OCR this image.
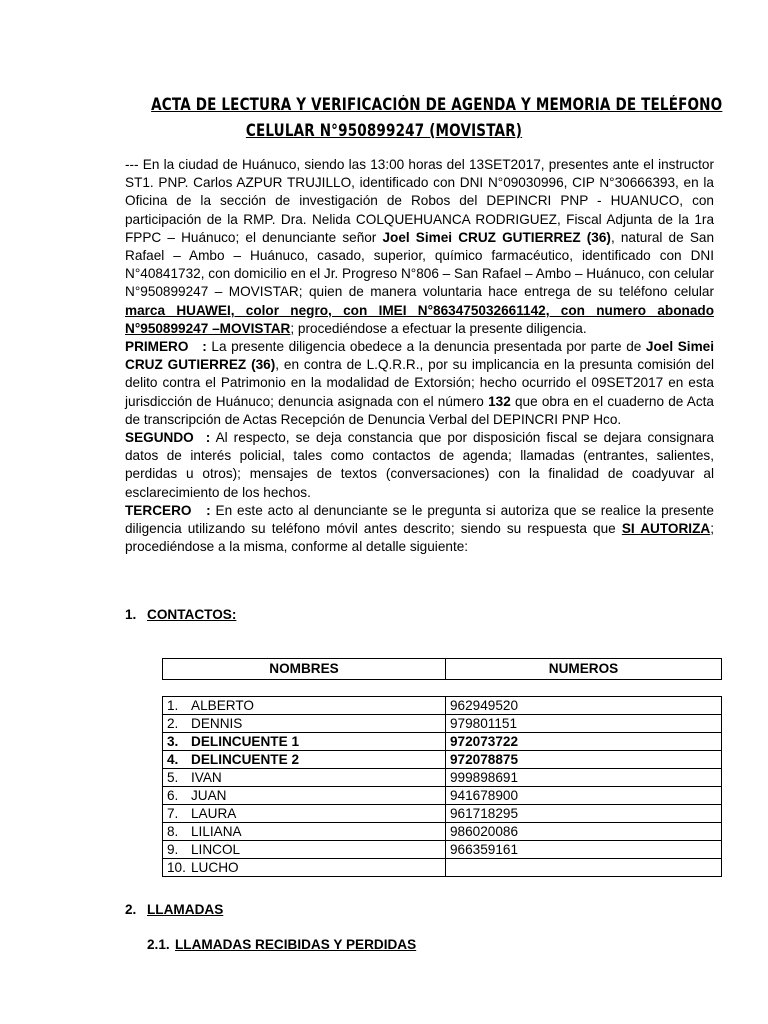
ACTA DE LECTURA Y VERIFICACIÓN DE AGENDA Y MEMORIA DE TELÉFONO
CELULAR N°950899247 (MOVISTAR)

--- En la ciudad de Huánuco, siendo las 13:00 horas del 13SET2017, presentes ante el instructor ST1. PNP. Carlos AZPUR TRUJILLO, identificado con DNI N°09030996, CIP N°30666393, en la Oficina de la sección de investigación de Robos del DEPINCRI PNP - HUANUCO, con participación de la RMP. Dra. Nelida COLQUEHUANCA RODRIGUEZ, Fiscal Adjunta de la 1ra FPPC – Huánuco; el denunciante señor Joel Simei CRUZ GUTIERREZ (36), natural de San Rafael – Ambo – Huánuco, casado, superior, químico farmacéutico, identificado con DNI N°40841732, con domicilio en el Jr. Progreso N°806 – San Rafael – Ambo – Huánuco, con celular N°950899247 – MOVISTAR; quien de manera voluntaria hace entrega de su teléfono celular marca HUAWEI, color negro, con IMEI N°863475032661142, con numero abonado N°950899247 –MOVISTAR; procediéndose a efectuar la presente diligencia.

PRIMERO   : La presente diligencia obedece a la denuncia presentada por parte de Joel Simei CRUZ GUTIERREZ (36), en contra de L.Q.R.R., por su implicancia en la presunta comisión del delito contra el Patrimonio en la modalidad de Extorsión; hecho ocurrido el 09SET2017 en esta jurisdicción de Huánuco; denuncia asignada con el número 132 que obra en el cuaderno de Acta de transcripción de Actas Recepción de Denuncia Verbal del DEPINCRI PNP Hco.

SEGUNDO  : Al respecto, se deja constancia que por disposición fiscal se dejara consignara datos de interés policial, tales como contactos de agenda; llamadas (entrantes, salientes, perdidas u otros); mensajes de textos (conversaciones) con la finalidad de coadyuvar al esclarecimiento de los hechos.

TERCERO   : En este acto al denunciante se le pregunta si autoriza que se realice la presente diligencia utilizando su teléfono móvil antes descrito; siendo su respuesta que SI AUTORIZA; procediéndose a la misma, conforme al detalle siguiente:

1. CONTACTOS:
NOMBRES	NUMEROS
1. ALBERTO	962949520
2. DENNIS	979801151
3. DELINCUENTE 1	972073722
4. DELINCUENTE 2	972078875
5. IVAN	999898691
6. JUAN	941678900
7. LAURA	961718295
8. LILIANA	986020086
9. LINCOL	966359161
10. LUCHO	
2. LLAMADAS
2.1. LLAMADAS RECIBIDAS Y PERDIDAS
